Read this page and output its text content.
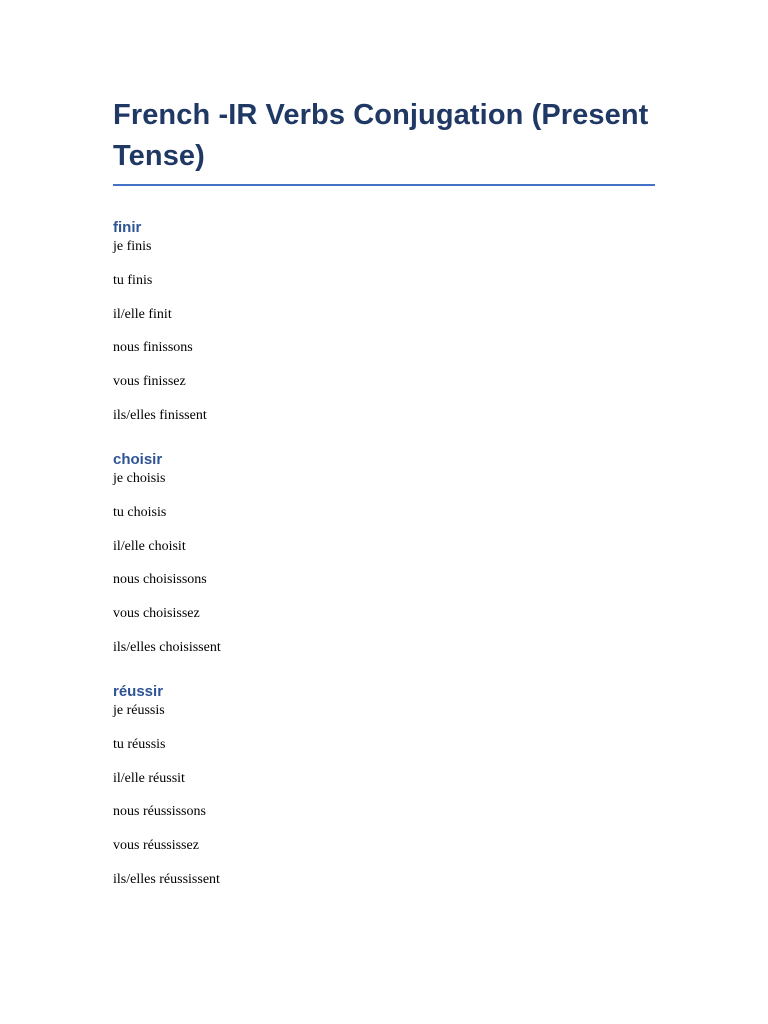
French -IR Verbs Conjugation (Present Tense)
finir
je finis
tu finis
il/elle finit
nous finissons
vous finissez
ils/elles finissent
choisir
je choisis
tu choisis
il/elle choisit
nous choisissons
vous choisissez
ils/elles choisissent
réussir
je réussis
tu réussis
il/elle réussit
nous réussissons
vous réussissez
ils/elles réussissent
